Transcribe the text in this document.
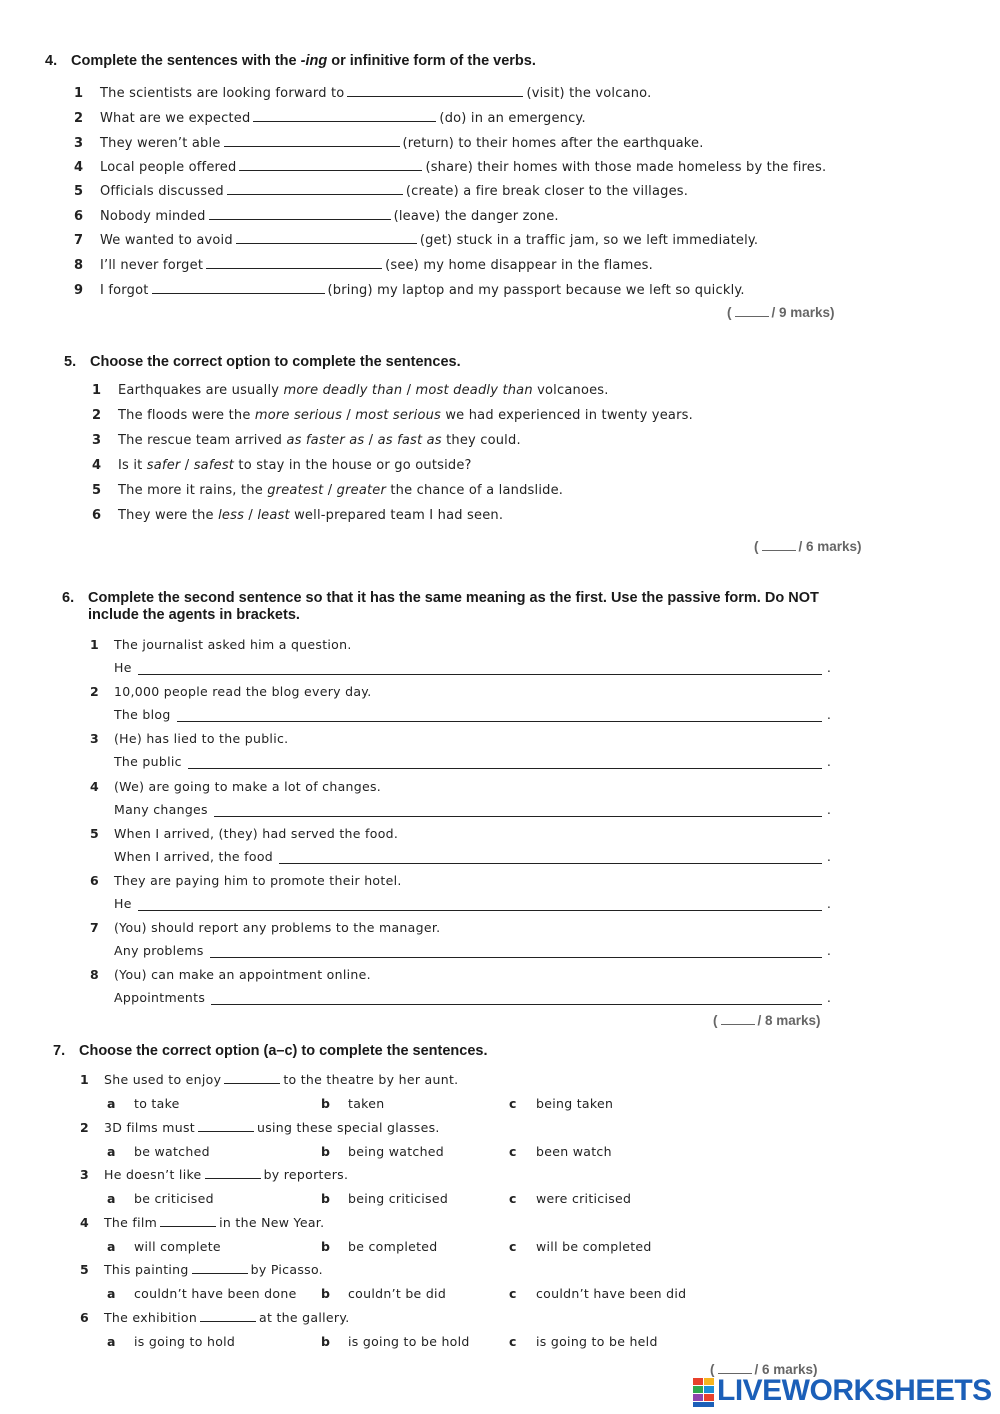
4. Complete the sentences with the -ing or infinitive form of the verbs.
1 The scientists are looking forward to	(visit) the volcano.
2 What are we expected	(do) in an emergency.
3 They weren’t able	(return) to their homes after the earthquake.
4 Local people offered	(share) their homes with those made homeless by the fires.
5 Officials discussed	(create) a fire break closer to the villages.
6 Nobody minded	(leave) the danger zone.
7 We wanted to avoid	(get) stuck in a traffic jam, so we left immediately.
8 I’ll never forget	(see) my home disappear in the flames.
9 I forgot	(bring) my laptop and my passport because we left so quickly.
(	/ 9 marks)
5. Choose the correct option to complete the sentences.
1 Earthquakes are usually more deadly than / most deadly than volcanoes.
2 The floods were the more serious / most serious we had experienced in twenty years.
3 The rescue team arrived as faster as / as fast as they could.
4 Is it safer / safest to stay in the house or go outside?
5 The more it rains, the greatest / greater the chance of a landslide.
6 They were the less / least well-prepared team I had seen.
(	/ 6 marks)
6. Complete the second sentence so that it has the same meaning as the first. Use the passive form. Do NOT
include the agents in brackets.
1 The journalist asked him a question.
He	.
2 10,000 people read the blog every day.
The blog	.
3 (He) has lied to the public.
The public	.
4 (We) are going to make a lot of changes.
Many changes	.
5 When I arrived, (they) had served the food.
When I arrived, the food	.
6 They are paying him to promote their hotel.
He	.
7 (You) should report any problems to the manager.
Any problems	.
8 (You) can make an appointment online.
Appointments	.
(	/ 8 marks)
7. Choose the correct option (a–c) to complete the sentences.
1 She used to enjoy	to the theatre by her aunt.
a to take	b taken	c being taken
2 3D films must	using these special glasses.
a be watched	b being watched	c been watch
3 He doesn’t like	by reporters.
a be criticised	b being criticised	c were criticised
4 The film	in the New Year.
a will complete	b be completed	c will be completed
5 This painting	by Picasso.
a couldn’t have been done b couldn’t be did	c couldn’t have been did
6 The exhibition	at the gallery.
a is going to hold	b is going to be hold	c is going to be held
(	/ 6 marks)
LIVEWORKSHEETS
